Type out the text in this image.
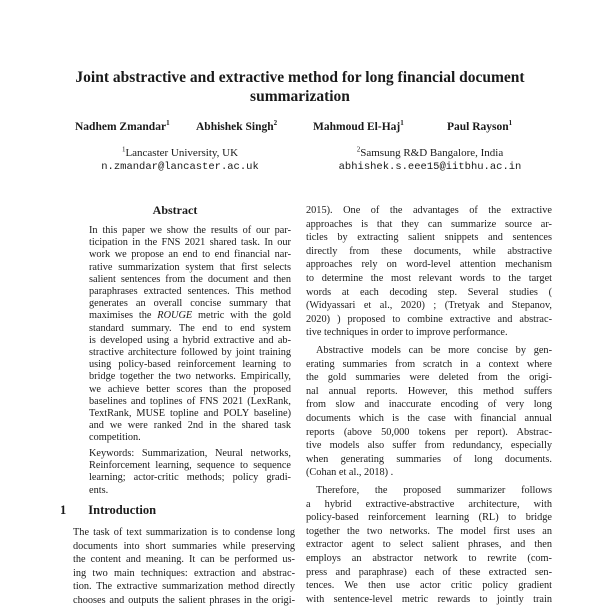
Joint abstractive and extractive method for long financial document
summarization
Nadhem Zmandar$^1$ Abhishek Singh$^2$	Mahmoud El-Haj$^1$	Paul Rayson$^1$
$^1$Lancaster University, UK
n.zmandar@lancaster.ac.uk
$^2$Samsung R&D Bangalore, India
abhishek.s.eee15@iitbhu.ac.in
Abstract
In this paper we show the results of our par-
ticipation in the FNS 2021 shared task. In our
work we propose an end to end financial nar-
rative summarization system that first selects
salient sentences from the document and then
paraphrases extracted sentences. This method
generates an overall concise summary that
maximises the ROUGE metric with the gold
standard summary. The end to end system
is developed using a hybrid extractive and ab-
stractive architecture followed by joint training
using policy-based reinforcement learning to
bridge together the two networks. Empirically,
we achieve better scores than the proposed
baselines and toplines of FNS 2021 (LexRank,
TextRank, MUSE topline and POLY baseline)
and we were ranked 2nd in the shared task
competition.
Keywords: Summarization, Neural networks,
Reinforcement learning, sequence to sequence
learning; actor-critic methods; policy gradi-
ents.
1 Introduction
The task of text summarization is to condense long
documents into short summaries while preserving
the content and meaning. It can be performed us-
ing two main techniques: extraction and abstrac-
tion. The extractive summarization method directly
chooses and outputs the salient phrases in the origi-
2015). One of the advantages of the extractive
approaches is that they can summarize source ar-
ticles by extracting salient snippets and sentences
directly from these documents, while abstractive
approaches rely on word-level attention mechanism
to determine the most relevant words to the target
words at each decoding step. Several studies (
(Widyassari et al., 2020) ; (Tretyak and Stepanov,
2020) ) proposed to combine extractive and abstrac-
tive techniques in order to improve performance.
Abstractive models can be more concise by gen-
erating summaries from scratch in a context where
the gold summaries were deleted from the origi-
nal annual reports. However, this method suffers
from slow and inaccurate encoding of very long
documents which is the case with financial annual
reports (above 50,000 tokens per report). Abstrac-
tive models also suffer from redundancy, especially
when generating summaries of long documents.
(Cohan et al., 2018) .
Therefore, the proposed summarizer follows
a hybrid extractive-abstractive architecture, with
policy-based reinforcement learning (RL) to bridge
together the two networks. The model first uses an
extractor agent to select salient phrases, and then
employs an abstractor network to rewrite (com-
press and paraphrase) each of these extracted sen-
tences. We then use actor critic policy gradient
with sentence-level metric rewards to jointly train
